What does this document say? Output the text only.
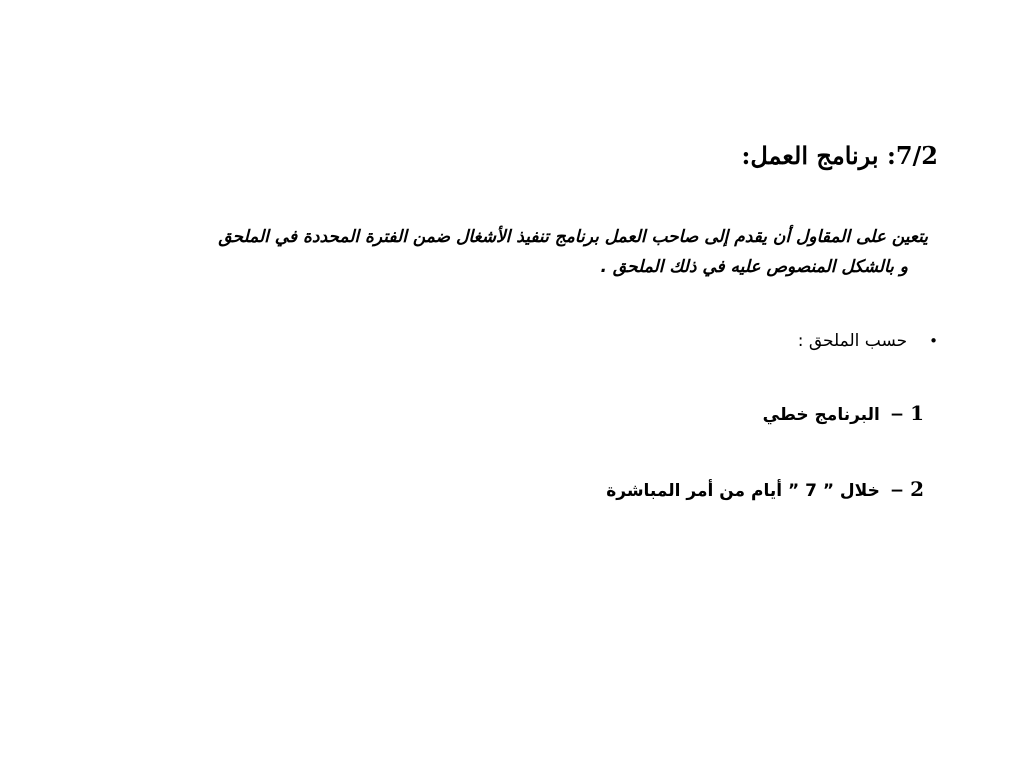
7/2: برنامج العمل:
يتعين على المقاول أن يقدم إلى صاحب العمل برنامج تنفيذ الأشغال ضمن الفترة المحددة في الملحق
و بالشكل المنصوص عليه في ذلك الملحق .
•
حسب الملحق :
1−البرنامج خطي
2−خلال ” 7 ” أيام من أمر المباشرة
